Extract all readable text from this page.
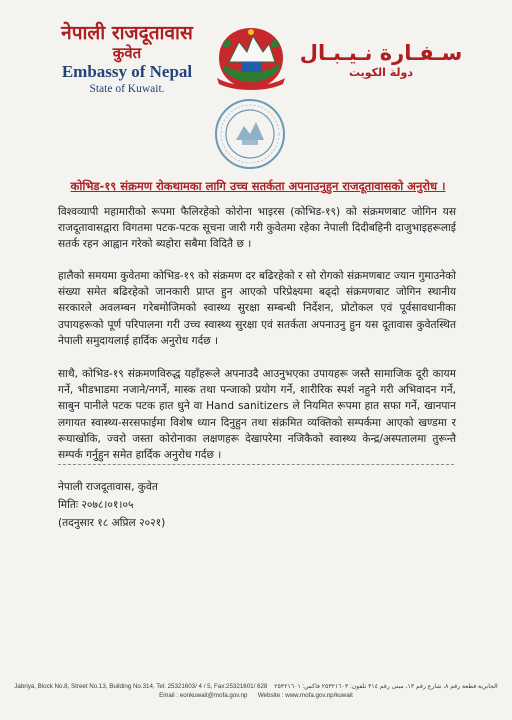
नेपाली राजदूतावास
कुवेत
Embassy of Nepal
State of Kuwait.
سـفـارة نـيـبـال
دولة الكويت
कोभिड-१९ संक्रमण रोकथामका लागि उच्च सतर्कता अपनाउनुहुन राजदूतावासको अनुरोध ।
विश्वव्यापी महामारीको रूपमा फैलिरहेको कोरोना भाइरस (कोभिड-१९) को संक्रमणबाट जोगिन यस राजदूतावासद्वारा विगतमा पटक-पटक सूचना जारी गरी कुवेतमा रहेका नेपाली दिदीबहिनी दाजुभाइहरूलाई सतर्क रहन आह्वान गरेको ब्यहोरा सबैमा विदितै छ ।
हालैको समयमा कुवेतमा कोभिड-१९ को संक्रमण दर बढिरहेको र सो रोगको संक्रमणबाट ज्यान गुमाउनेको संख्या समेत बढिरहेको जानकारी प्राप्त हुन आएको परिप्रेक्ष्यमा बढ्दो संक्रमणबाट जोगिन स्थानीय सरकारले अवलम्बन गरेबमोजिमको स्वास्थ्य सुरक्षा सम्बन्धी निर्देशन, प्रोटोकल एवं पूर्वसावधानीका उपायहरूको पूर्ण परिपालना गरी उच्च स्वास्थ्य सुरक्षा एवं सतर्कता अपनाउनु हुन यस दूतावास कुवेतस्थित नेपाली समुदायलाई हार्दिक अनुरोध गर्दछ ।
साथै, कोभिड-१९ संक्रमणविरुद्ध यहाँहरूले अपनाउदै आउनुभएका उपायहरू जस्तै सामाजिक दूरी कायम गर्ने, भीडभाडमा नजाने/नगर्ने, मास्क तथा पन्जाको प्रयोग गर्ने, शारीरिक स्पर्श नहुने गरी अभिवादन गर्ने, साबुन पानीले पटक पटक हात धुने वा Hand sanitizers ले नियमित रूपमा हात सफा गर्ने, खानपान लगायत स्वास्थ्य-सरसफाईमा विशेष ध्यान दिनुहुन तथा संक्रमित व्यक्तिको सम्पर्कमा आएको खण्डमा र रूघाखोकि, ज्वरो जस्ता कोरोनाका लक्षणहरू देखापरेमा नजिकैको स्वास्थ्य केन्द्र/अस्पतालमा तुरून्तै सम्पर्क गर्नुहुन समेत हार्दिक अनुरोध गर्दछ ।
नेपाली राजदूतावास, कुवेत
मितिः २०७८।०१।०५
(तदनुसार १८ अप्रिल २०२१)
Jabriya, Block No.8, Street No.13, Building No.314, Tel: 25321603/ 4 / 5, Fax:25321601/ 628 الجابرية قطعة رقم ٨، شارع رقم ١٣، مبنى رقم ٣١٤ تلفون: ٢٥٣٢١٦٠٣ فاكس: ٢٥٣٢١٦٠١
Email : eonkuwait@mofa.gov.np Website : www.mofa.gov.np/kuwait
